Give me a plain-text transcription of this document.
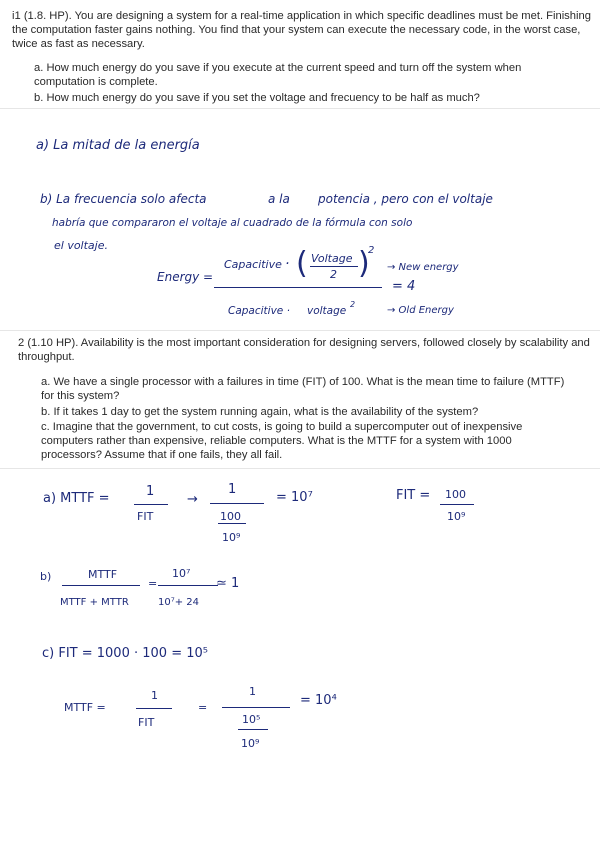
i1 (1.8. HP). You are designing a system for a real-time application in which specific deadlines must be met. Finishing the computation faster gains nothing. You find that your system can execute the necessary code, in the worst case, twice as fast as necessary.
a. How much energy do you save if you execute at the current speed and turn off the system when computation is complete.
b. How much energy do you save if you set the voltage and frecuency to be half as much?
a) La mitad de la energía
b) La frecuencia solo afecta	a la potencia , pero con el voltaje
habría que compararon el voltaje al cuadrado de la fórmula con solo
el voltaje.
Energy =
Capacitive · ( Voltage
2 )
2
→ New energy
= 4
Capacitive · voltage
2
→ Old Energy
2 (1.10 HP). Availability is the most important consideration for designing servers, followed closely by scalability and throughput.
a. We have a single processor with a failures in time (FIT) of 100. What is the mean time to failure (MTTF) for this system?
b. If it takes 1 day to get the system running again, what is the availability of the system?
c. Imagine that the government, to cut costs, is going to build a supercomputer out of inexpensive computers rather than expensive, reliable computers. What is the MTTF for a system with 1000 processors? Assume that if one fails, they all fail.
a) MTTF =	1
FIT
→
1
100
10⁹
= 10⁷	FIT = 100
10⁹
b)	MTTF
MTTF + MTTR
=
10⁷
10⁷+ 24
≃ 1
c) FIT = 1000 · 100 = 10⁵
MTTF =
1
FIT
=
1
10⁵
10⁹
= 10⁴
